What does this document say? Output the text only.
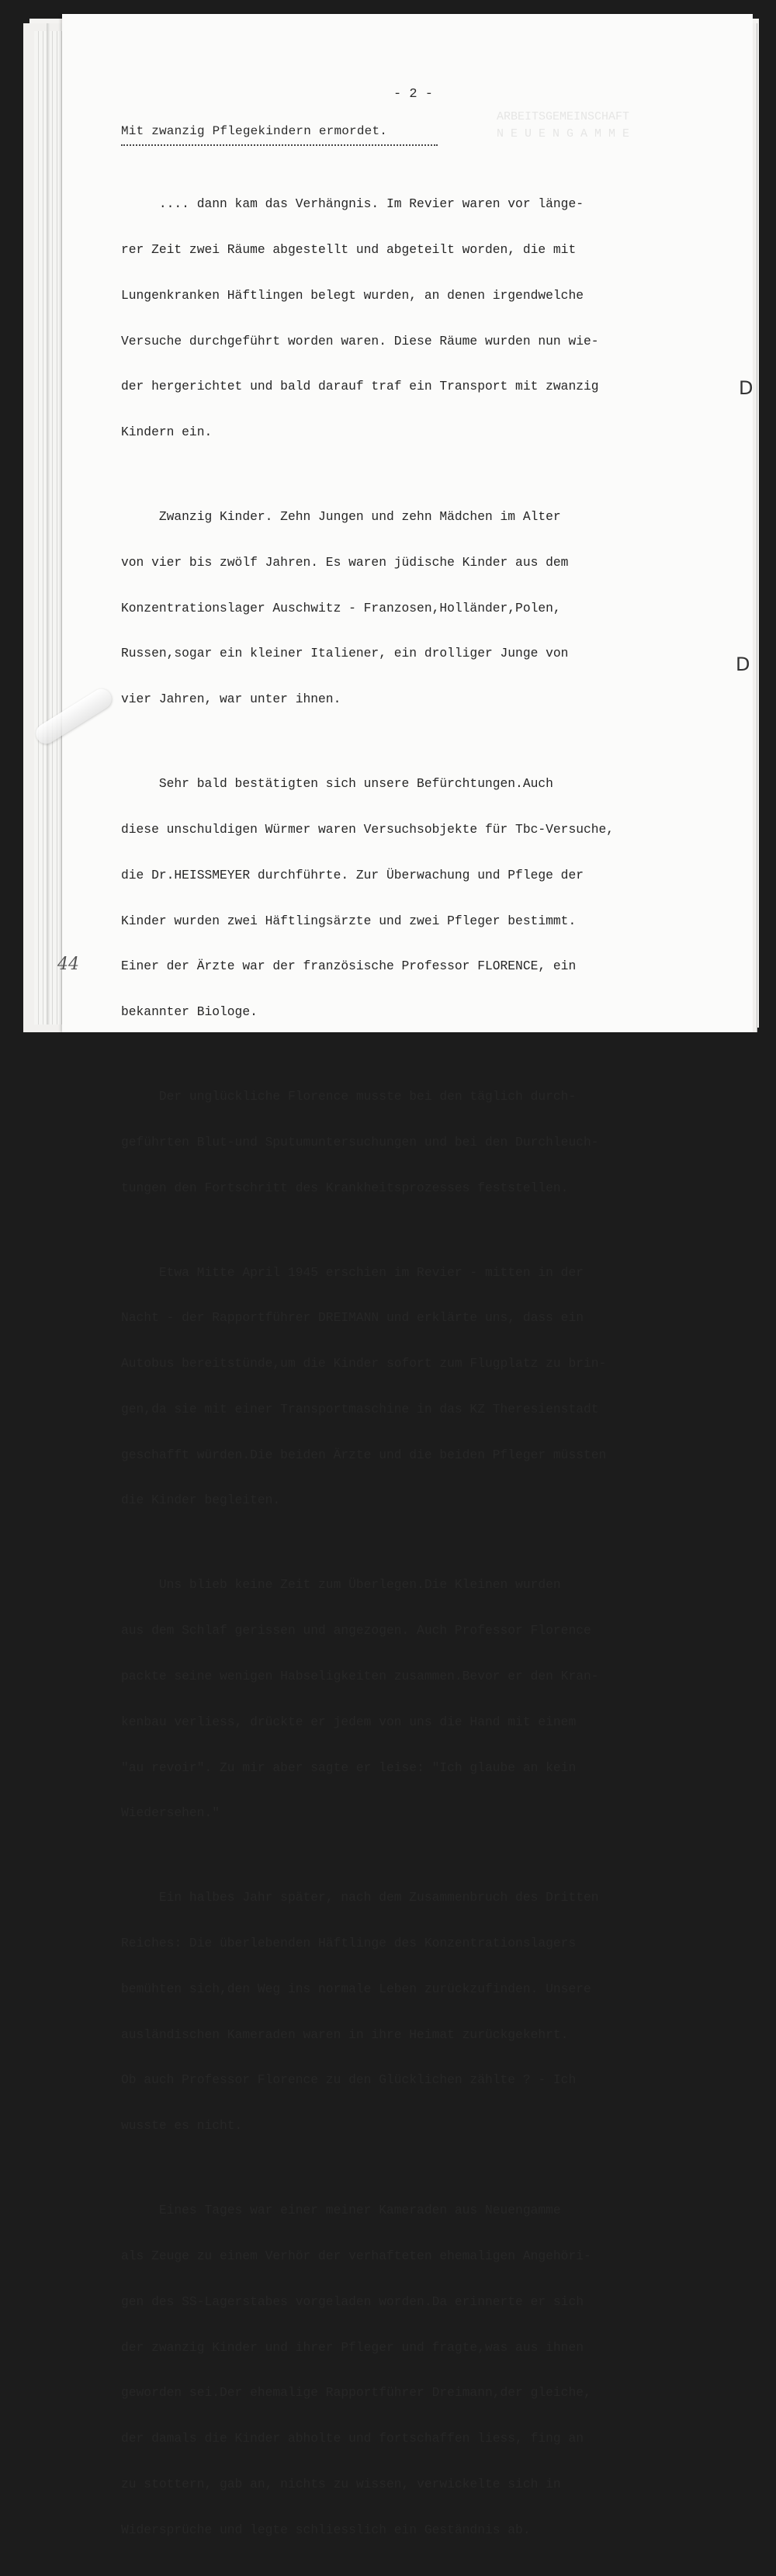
ARBEITSGEMEINSCHAFT
N E U E N G A M M E
- 2 -
Mit zwanzig Pflegekindern ermordet.

.... dann kam das Verhängnis. Im Revier waren vor länge-

rer Zeit zwei Räume abgestellt und abgeteilt worden, die mit

Lungenkranken Häftlingen belegt wurden, an denen irgendwelche

Versuche durchgeführt worden waren. Diese Räume wurden nun wie-

der hergerichtet und bald darauf traf ein Transport mit zwanzig

Kindern ein.

Zwanzig Kinder. Zehn Jungen und zehn Mädchen im Alter

von vier bis zwölf Jahren. Es waren jüdische Kinder aus dem

Konzentrationslager Auschwitz - Franzosen,Holländer,Polen,

Russen,sogar ein kleiner Italiener, ein drolliger Junge von

vier Jahren, war unter ihnen.

Sehr bald bestätigten sich unsere Befürchtungen.Auch

diese unschuldigen Würmer waren Versuchsobjekte für Tbc-Versuche,

die Dr.HEISSMEYER durchführte. Zur Überwachung und Pflege der

Kinder wurden zwei Häftlingsärzte und zwei Pfleger bestimmt.

Einer der Ärzte war der französische Professor FLORENCE, ein

bekannter Biologe.

Der unglückliche Florence musste bei den täglich durch-

geführten Blut-und Sputumuntersuchungen und bei den Durchleuch-

tungen den Fortschritt des Krankheitsprozesses feststellen.

Etwa Mitte April 1945 erschien im Revier - mitten in der

Nacht - der Rapportführer DREIMANN und erklärte uns, dass ein

Autobus bereitstünde,um die Kinder sofort zum Flugplatz zu brin-

gen,da sie mit einer Transportmaschine in das KZ Theresienstadt

geschafft würden.Die beiden Ärzte und die beiden Pfleger müssten

die Kinder begleiten.

Uns blieb keine Zeit zum Überlegen.Die Kleinen wurden

aus dem Schlaf gerissen und angezogen. Auch Professor Florence

packte seine wenigen Habseligkeiten zusammen.Bevor er den Kran-

kenbau verliess, drückte er jedem von uns die Hand mit einem

"au revoir". Zu mir aber sagte er leise: "Ich glaube an kein

Wiedersehen."

Ein halbes Jahr später, nach dem Zusammenbruch des Dritten

Reiches: Die überlebenden Häftlinge des Konzentrationslagers

bemühten sich,den Weg ins normale Leben zurückzufinden. Unsere

ausländischen Kameraden waren in ihre Heimat zurückgekehrt.

Ob auch Professor Florence zu den Glücklichen zählte ? - Ich

wusste es nicht.

Eines Tages war einer meiner Kameraden aus Neuengamme

als Zeuge zu einem Verhör der verhafteten ehemaligen Angehöri-

gen des SS-Lagerstabes vorgeladen worden.Da erinnerte er sich

der zwanzig Kinder und ihrer Pfleger und fragte,was aus ihnen

geworden sei.Der ehemalige Rapportführer Dreimann,der gleiche,

der damals die Kinder abholte und fortschaffen liess, fing an

zu stottern, gab an, nichts zu wissen, verwickelte sich in

Widersprüche und legte schliesslich ein Geständnis ab.

D
D
44
